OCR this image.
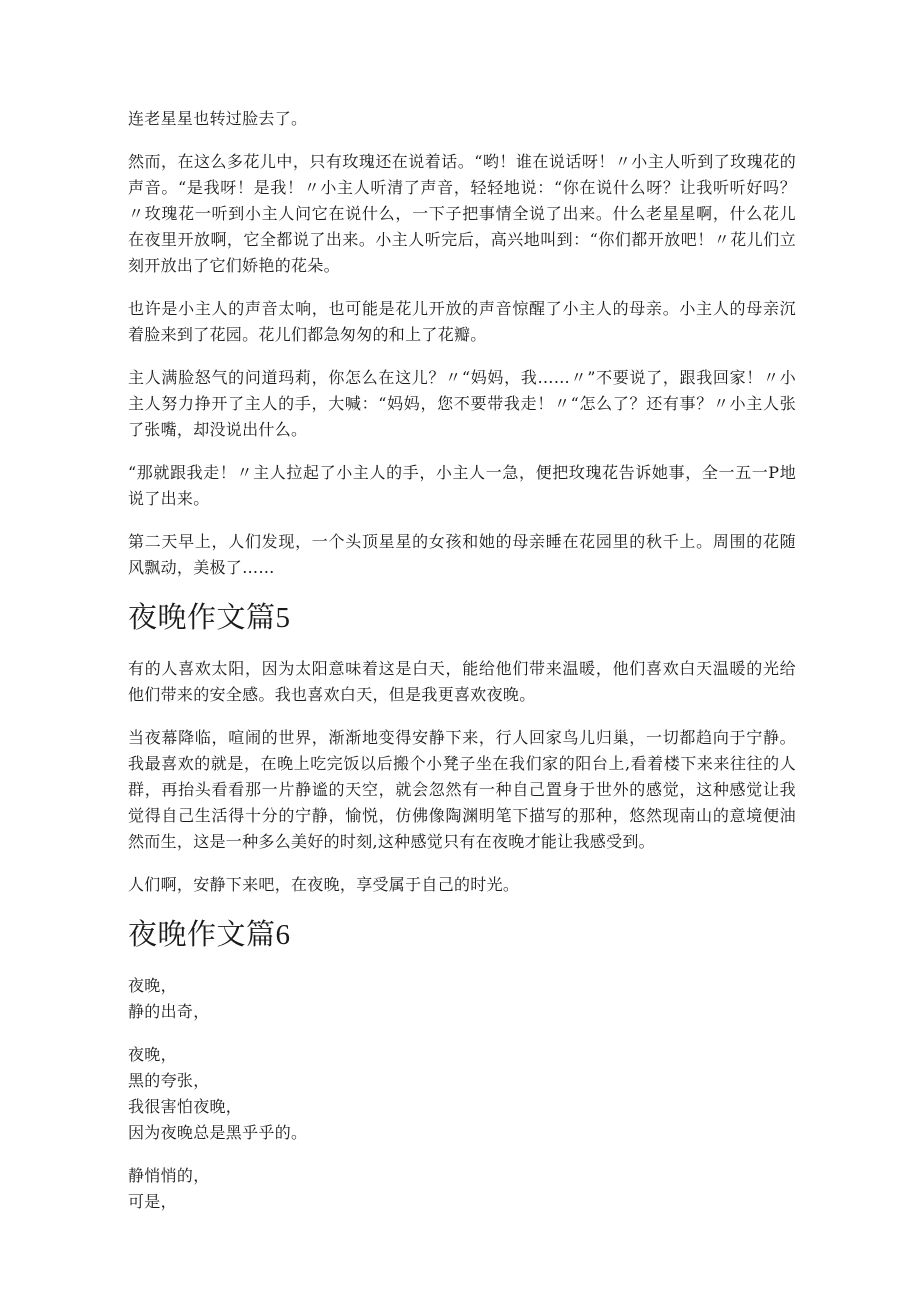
连老星星也转过脸去了。

然而，在这么多花儿中，只有玫瑰还在说着话。“哟！谁在说话呀！〃小主人听到了玫瑰花的声音。“是我呀！是我！〃小主人听清了声音，轻轻地说：“你在说什么呀？让我听听好吗？〃玫瑰花一听到小主人问它在说什么，一下子把事情全说了出来。什么老星星啊，什么花儿在夜里开放啊，它全都说了出来。小主人听完后，高兴地叫到：“你们都开放吧！〃花儿们立刻开放出了它们娇艳的花朵。

也许是小主人的声音太响，也可能是花儿开放的声音惊醒了小主人的母亲。小主人的母亲沉着脸来到了花园。花儿们都急匆匆的和上了花瓣。

主人满脸怒气的问道玛莉，你怎么在这儿？〃“妈妈，我……〃”不要说了，跟我回家！〃小主人努力挣开了主人的手，大喊：“妈妈，您不要带我走！〃“怎么了？还有事？〃小主人张了张嘴，却没说出什么。

“那就跟我走！〃主人拉起了小主人的手，小主人一急，便把玫瑰花告诉她事，全一五一P地说了出来。

第二天早上，人们发现，一个头顶星星的女孩和她的母亲睡在花园里的秋千上。周围的花随风飘动，美极了……

夜晚作文篇5

有的人喜欢太阳，因为太阳意味着这是白天，能给他们带来温暖，他们喜欢白天温暖的光给他们带来的安全感。我也喜欢白天，但是我更喜欢夜晚。

当夜幕降临，喧闹的世界，渐渐地变得安静下来，行人回家鸟儿归巢，一切都趋向于宁静。我最喜欢的就是，在晚上吃完饭以后搬个小凳子坐在我们家的阳台上,看着楼下来来往往的人群，再抬头看看那一片静谧的天空，就会忽然有一种自己置身于世外的感觉，这种感觉让我觉得自己生活得十分的宁静，愉悦，仿佛像陶渊明笔下描写的那种，悠然现南山的意境便油然而生，这是一种多么美好的时刻,这种感觉只有在夜晚才能让我感受到。

人们啊，安静下来吧，在夜晚，享受属于自己的时光。

夜晚作文篇6
夜晚，
静的出奇，
夜晚，
黑的夸张，
我很害怕夜晚，
因为夜晚总是黑乎乎的。
静悄悄的，
可是，
